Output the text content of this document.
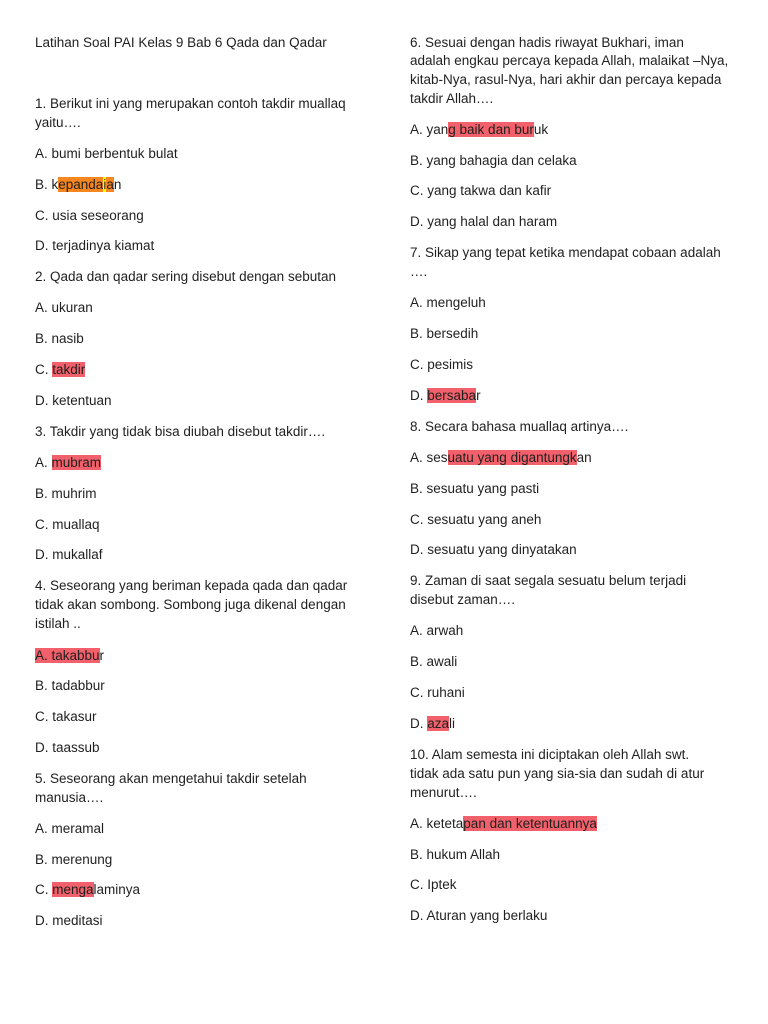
Latihan Soal PAI Kelas 9 Bab 6 Qada dan Qadar
1. Berikut ini yang merupakan contoh takdir muallaq
yaitu….
A. bumi berbentuk bulat
B. kepandaian
C. usia seseorang
D. terjadinya kiamat
2. Qada dan qadar sering disebut dengan sebutan
A. ukuran
B. nasib
C. takdir
D. ketentuan
3. Takdir yang tidak bisa diubah disebut takdir….
A. mubram
B. muhrim
C. muallaq
D. mukallaf
4. Seseorang yang beriman kepada qada dan qadar
tidak akan sombong. Sombong juga dikenal dengan
istilah ..
A. takabbur
B. tadabbur
C. takasur
D. taassub
5. Seseorang akan mengetahui takdir setelah
manusia….
A. meramal
B. merenung
C. mengalaminya
D. meditasi
6. Sesuai dengan hadis riwayat Bukhari, iman
adalah engkau percaya kepada Allah, malaikat –Nya,
kitab-Nya, rasul-Nya, hari akhir dan percaya kepada
takdir Allah….
A. yang baik dan buruk
B. yang bahagia dan celaka
C. yang takwa dan kafir
D. yang halal dan haram
7. Sikap yang tepat ketika mendapat cobaan adalah
….
A. mengeluh
B. bersedih
C. pesimis
D. bersabar
8. Secara bahasa muallaq artinya….
A. sesuatu yang digantungkan
B. sesuatu yang pasti
C. sesuatu yang aneh
D. sesuatu yang dinyatakan
9. Zaman di saat segala sesuatu belum terjadi
disebut zaman….
A. arwah
B. awali
C. ruhani
D. azali
10. Alam semesta ini diciptakan oleh Allah swt.
tidak ada satu pun yang sia-sia dan sudah di atur
menurut….
A. ketetapan dan ketentuannya
B. hukum Allah
C. Iptek
D. Aturan yang berlaku
